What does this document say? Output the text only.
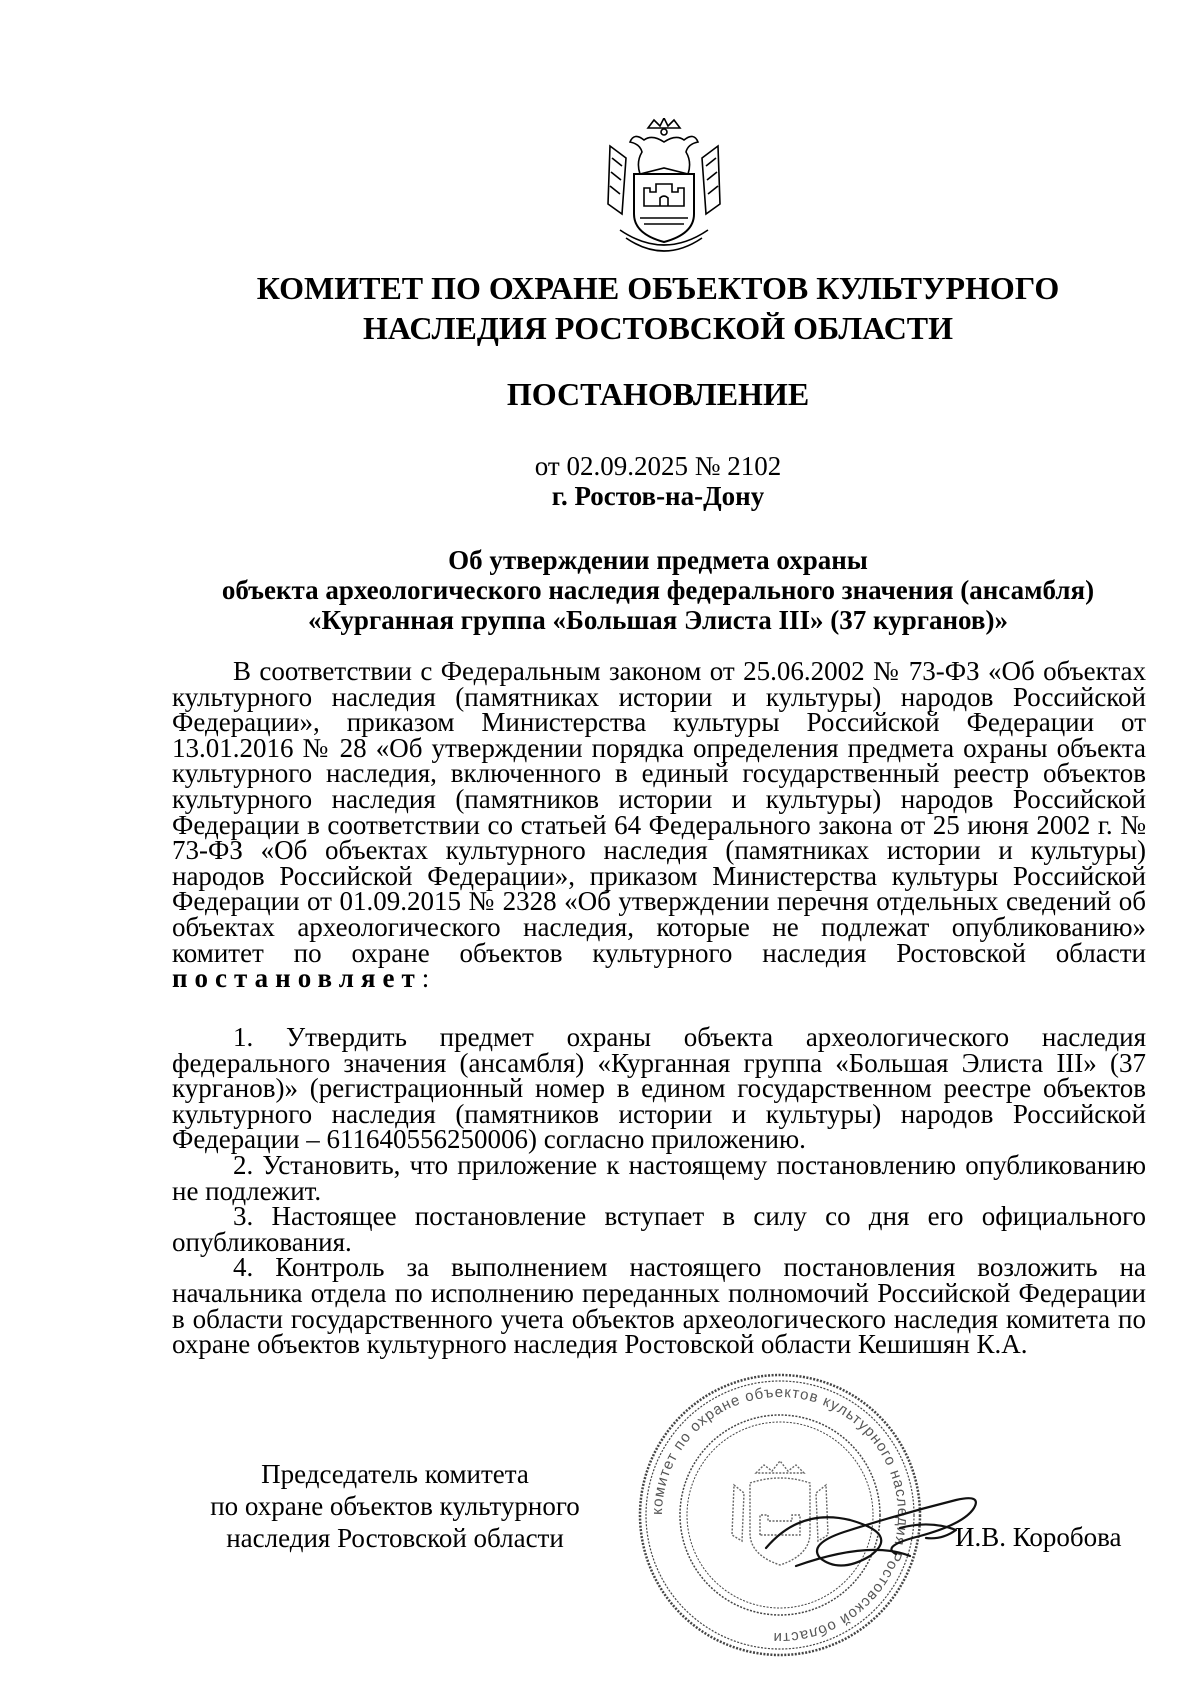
КОМИТЕТ ПО ОХРАНЕ ОБЪЕКТОВ КУЛЬТУРНОГО
НАСЛЕДИЯ РОСТОВСКОЙ ОБЛАСТИ
ПОСТАНОВЛЕНИЕ
от 02.09.2025 № 2102
г. Ростов-на-Дону
Об утверждении предмета охраны
объекта археологического наследия федерального значения (ансамбля)
«Курганная группа «Большая Элиста III» (37 курганов)»

В соответствии с Федеральным законом от 25.06.2002 № 73-ФЗ «Об объектах культурного наследия (памятниках истории и культуры) народов Российской Федерации», приказом Министерства культуры Российской Федерации от 13.01.2016 № 28 «Об утверждении порядка определения предмета охраны объекта культурного наследия, включенного в единый государственный реестр объектов культурного наследия (памятников истории и культуры) народов Российской Федерации в соответствии со статьей 64 Федерального закона от 25 июня 2002 г. № 73-ФЗ «Об объектах культурного наследия (памятниках истории и культуры) народов Российской Федерации», приказом Министерства культуры Российской Федерации от 01.09.2015 № 2328 «Об утверждении перечня отдельных сведений об объектах археологического наследия, которые не подлежат опубликованию» комитет по охране объектов культурного наследия Ростовской области постановляет:

1. Утвердить предмет охраны объекта археологического наследия федерального значения (ансамбля) «Курганная группа «Большая Элиста III» (37 курганов)» (регистрационный номер в едином государственном реестре объектов культурного наследия (памятников истории и культуры) народов Российской Федерации – 611640556250006) согласно приложению.

2. Установить, что приложение к настоящему постановлению опубликованию не подлежит.

3. Настоящее постановление вступает в силу со дня его официального опубликования.

4. Контроль за выполнением настоящего постановления возложить на начальника отдела по исполнению переданных полномочий Российской Федерации в области государственного учета объектов археологического наследия комитета по охране объектов культурного наследия Ростовской области Кешишян К.А.

комитет по охране объектов культурного наследия Ростовской области
Председатель комитета
по охране объектов культурного
наследия Ростовской области	И.В. Коробова
